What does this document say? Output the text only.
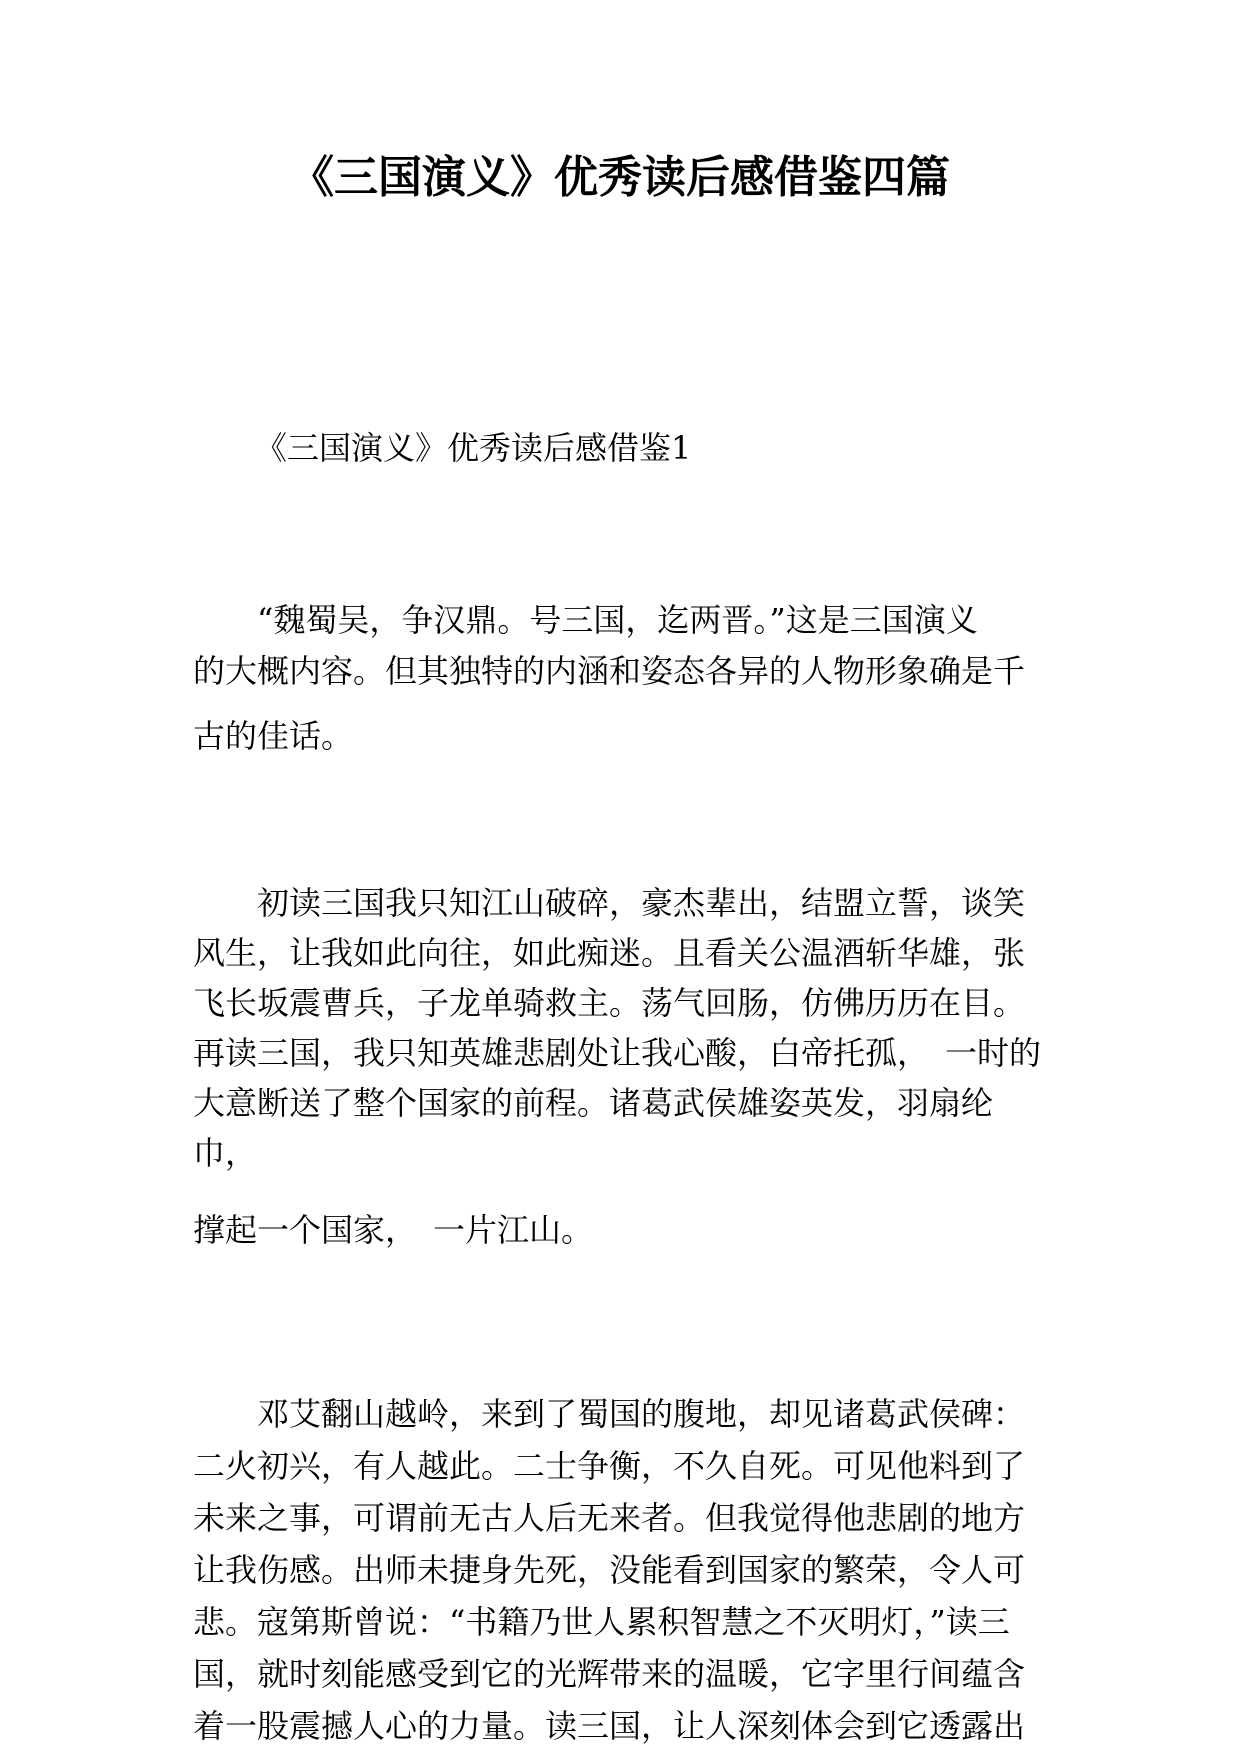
《三国演义》优秀读后感借鉴四篇
《三国演义》优秀读后感借鉴1
“魏蜀吴，争汉鼎。号三国，迄两晋。”这是三国演义
的大概内容。但其独特的内涵和姿态各异的人物形象确是千
古的佳话。
初读三国我只知江山破碎，豪杰辈出，结盟立誓，谈笑
风生，让我如此向往，如此痴迷。且看关公温酒斩华雄，张
飞长坂震曹兵，子龙单骑救主。荡气回肠，仿佛历历在目。
再读三国，我只知英雄悲剧处让我心酸，白帝托孤，　一时的
大意断送了整个国家的前程。诸葛武侯雄姿英发，羽扇纶
巾，
撑起一个国家，　一片江山。
邓艾翻山越岭，来到了蜀国的腹地，却见诸葛武侯碑：
二火初兴，有人越此。二士争衡，不久自死。可见他料到了
未来之事，可谓前无古人后无来者。但我觉得他悲剧的地方
让我伤感。出师未捷身先死，没能看到国家的繁荣，令人可
悲。寇第斯曾说：“书籍乃世人累积智慧之不灭明灯，”读三
国，就时刻能感受到它的光辉带来的温暖，它字里行间蕴含
着一股震撼人心的力量。读三国，让人深刻体会到它透露出
